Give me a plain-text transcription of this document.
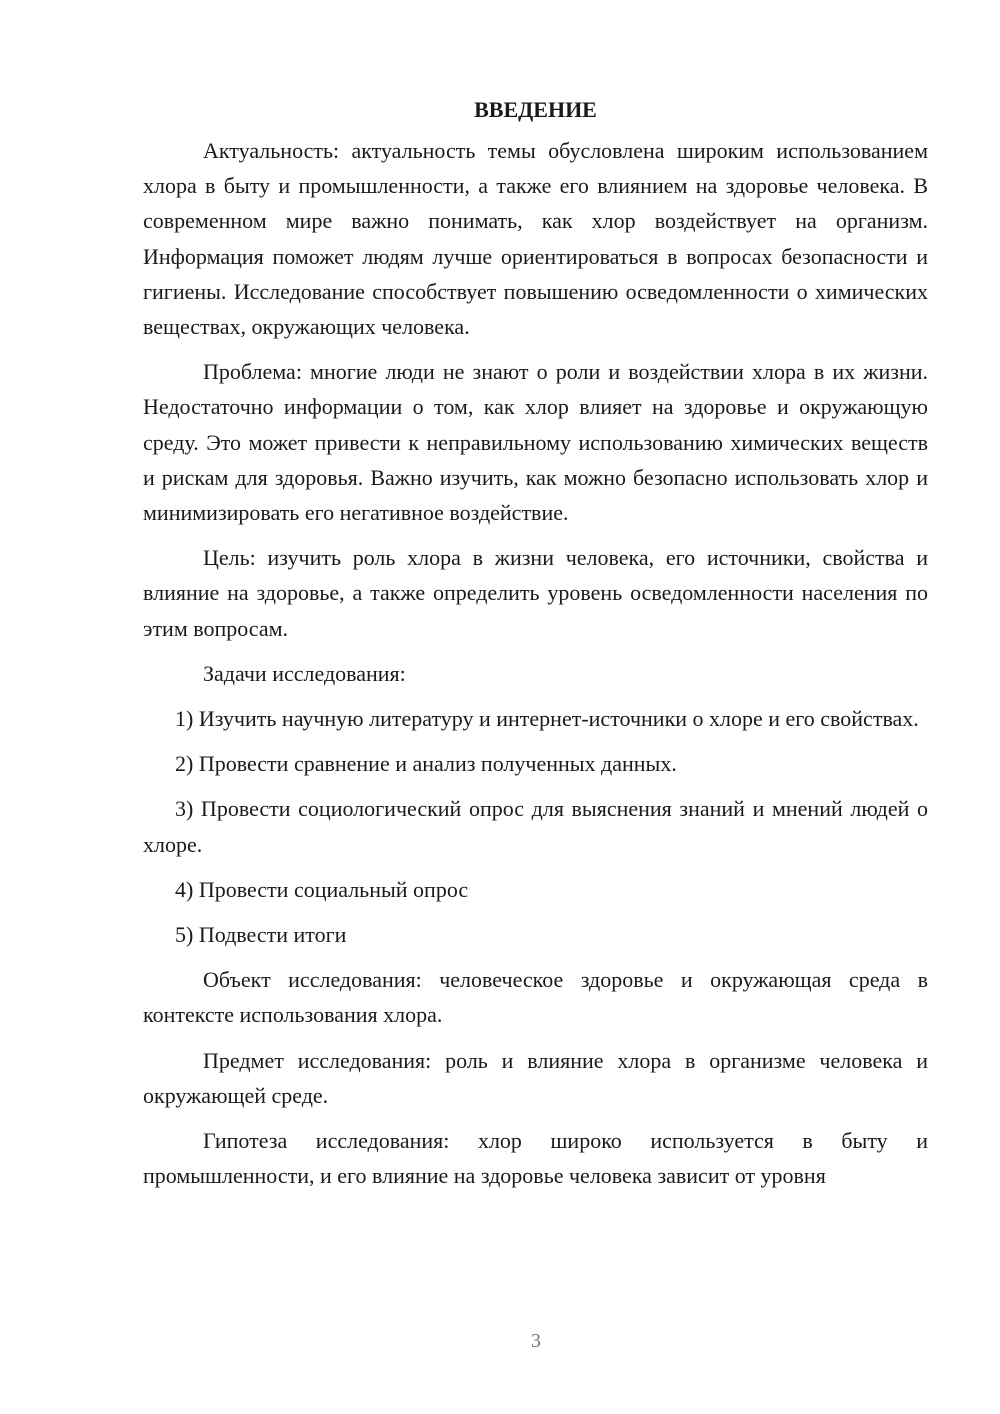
ВВЕДЕНИЕ

Актуальность: актуальность темы обусловлена широким использованием хлора в быту и промышленности, а также его влиянием на здоровье человека. В современном мире важно понимать, как хлор воздействует на организм. Информация поможет людям лучше ориентироваться в вопросах безопасности и гигиены. Исследование способствует повышению осведомленности о химических веществах, окружающих человека.

Проблема: многие люди не знают о роли и воздействии хлора в их жизни. Недостаточно информации о том, как хлор влияет на здоровье и окружающую среду. Это может привести к неправильному использованию химических веществ и рискам для здоровья. Важно изучить, как можно безопасно использовать хлор и минимизировать его негативное воздействие.

Цель: изучить роль хлора в жизни человека, его источники, свойства и влияние на здоровье, а также определить уровень осведомленности населения по этим вопросам.

Задачи исследования:

1) Изучить научную литературу и интернет-источники о хлоре и его свойствах.

2) Провести сравнение и анализ полученных данных.

3) Провести социологический опрос для выяснения знаний и мнений людей о хлоре.

4) Провести социальный опрос

5) Подвести итоги

Объект исследования: человеческое здоровье и окружающая среда в контексте использования хлора.

Предмет исследования: роль и влияние хлора в организме человека и окружающей среде.

Гипотеза исследования: хлор широко используется в быту и промышленности, и его влияние на здоровье человека зависит от уровня

3
